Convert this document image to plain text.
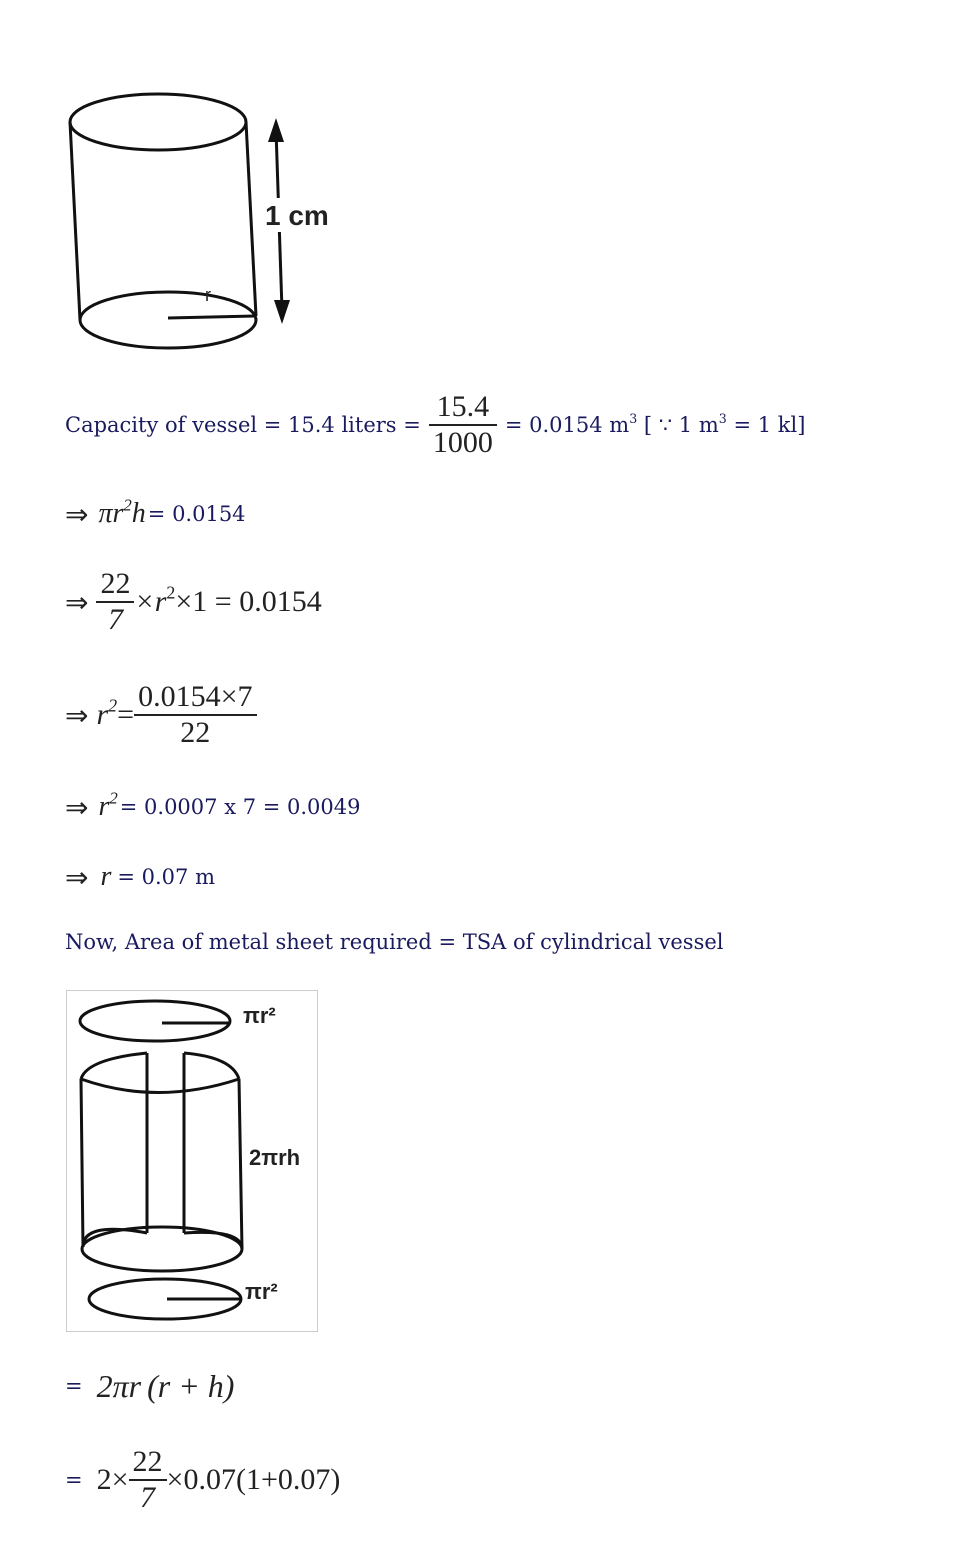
1 cm
r
Capacity of vessel = 15.4 liters = $\frac{15.4}{1000} = 0.0154$ $m^3$ [ ∵ 1 $m^3 = 1$ kl]
⇒ $\pi r^2h = 0.0154$
⇒ $\frac{22}{7} \times r^2\times 1 = 0.0154$
⇒ $r^2 = \frac{0.0154\times 7}{22}$
⇒ $r^2 = 0.0007$ x 7 = 0.0049
⇒ r = 0.07 m
Now, Area of metal sheet required = TSA of cylindrical vessel
πr²
2πrh
πr²
= 2πr (r + h)
= $2\times \frac{22}{7} \times 0.07(1+0.07)$
